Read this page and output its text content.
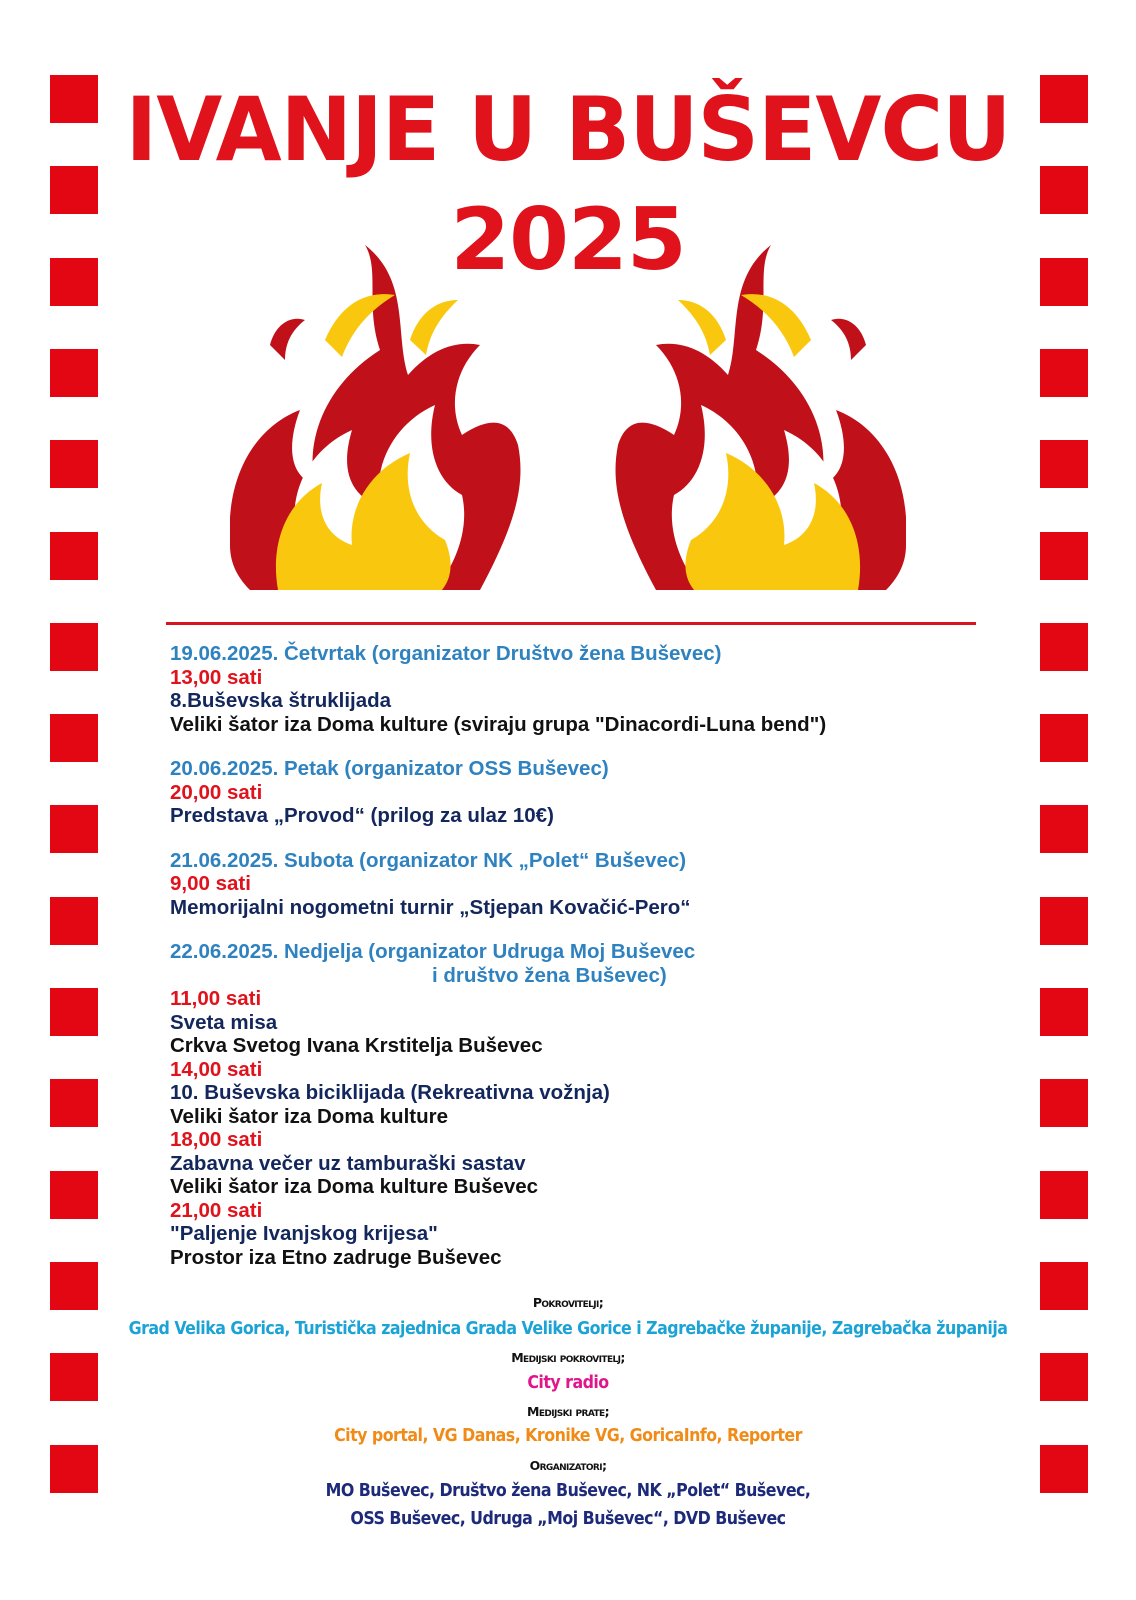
IVANJE U BUŠEVCU
2025
19.06.2025. Četvrtak (organizator Društvo žena Buševec)
13,00 sati
8.Buševska štruklijada
Veliki šator iza Doma kulture (sviraju grupa "Dinacordi-Luna bend")
20.06.2025. Petak (organizator OSS Buševec)
20,00 sati
Predstava „Provod“ (prilog za ulaz 10€)
21.06.2025. Subota (organizator NK „Polet“ Buševec)
9,00 sati
Memorijalni nogometni turnir „Stjepan Kovačić-Pero“
22.06.2025. Nedjelja (organizator Udruga Moj Buševec
i društvo žena Buševec)
11,00 sati
Sveta misa
Crkva Svetog Ivana Krstitelja Buševec
14,00 sati
10. Buševska biciklijada (Rekreativna vožnja)
Veliki šator iza Doma kulture
18,00 sati
Zabavna večer uz tamburaški sastav
Veliki šator iza Doma kulture Buševec
21,00 sati
"Paljenje Ivanjskog krijesa"
Prostor iza Etno zadruge Buševec
Pokrovitelji;
Grad Velika Gorica, Turistička zajednica Grada Velike Gorice i Zagrebačke županije, Zagrebačka županija
Medijski pokrovitelj;
City radio
Medijski prate;
City portal, VG Danas, Kronike VG, GoricaInfo, Reporter
Organizatori;
MO Buševec, Društvo žena Buševec, NK „Polet“ Buševec,
OSS Buševec, Udruga „Moj Buševec“, DVD Buševec
